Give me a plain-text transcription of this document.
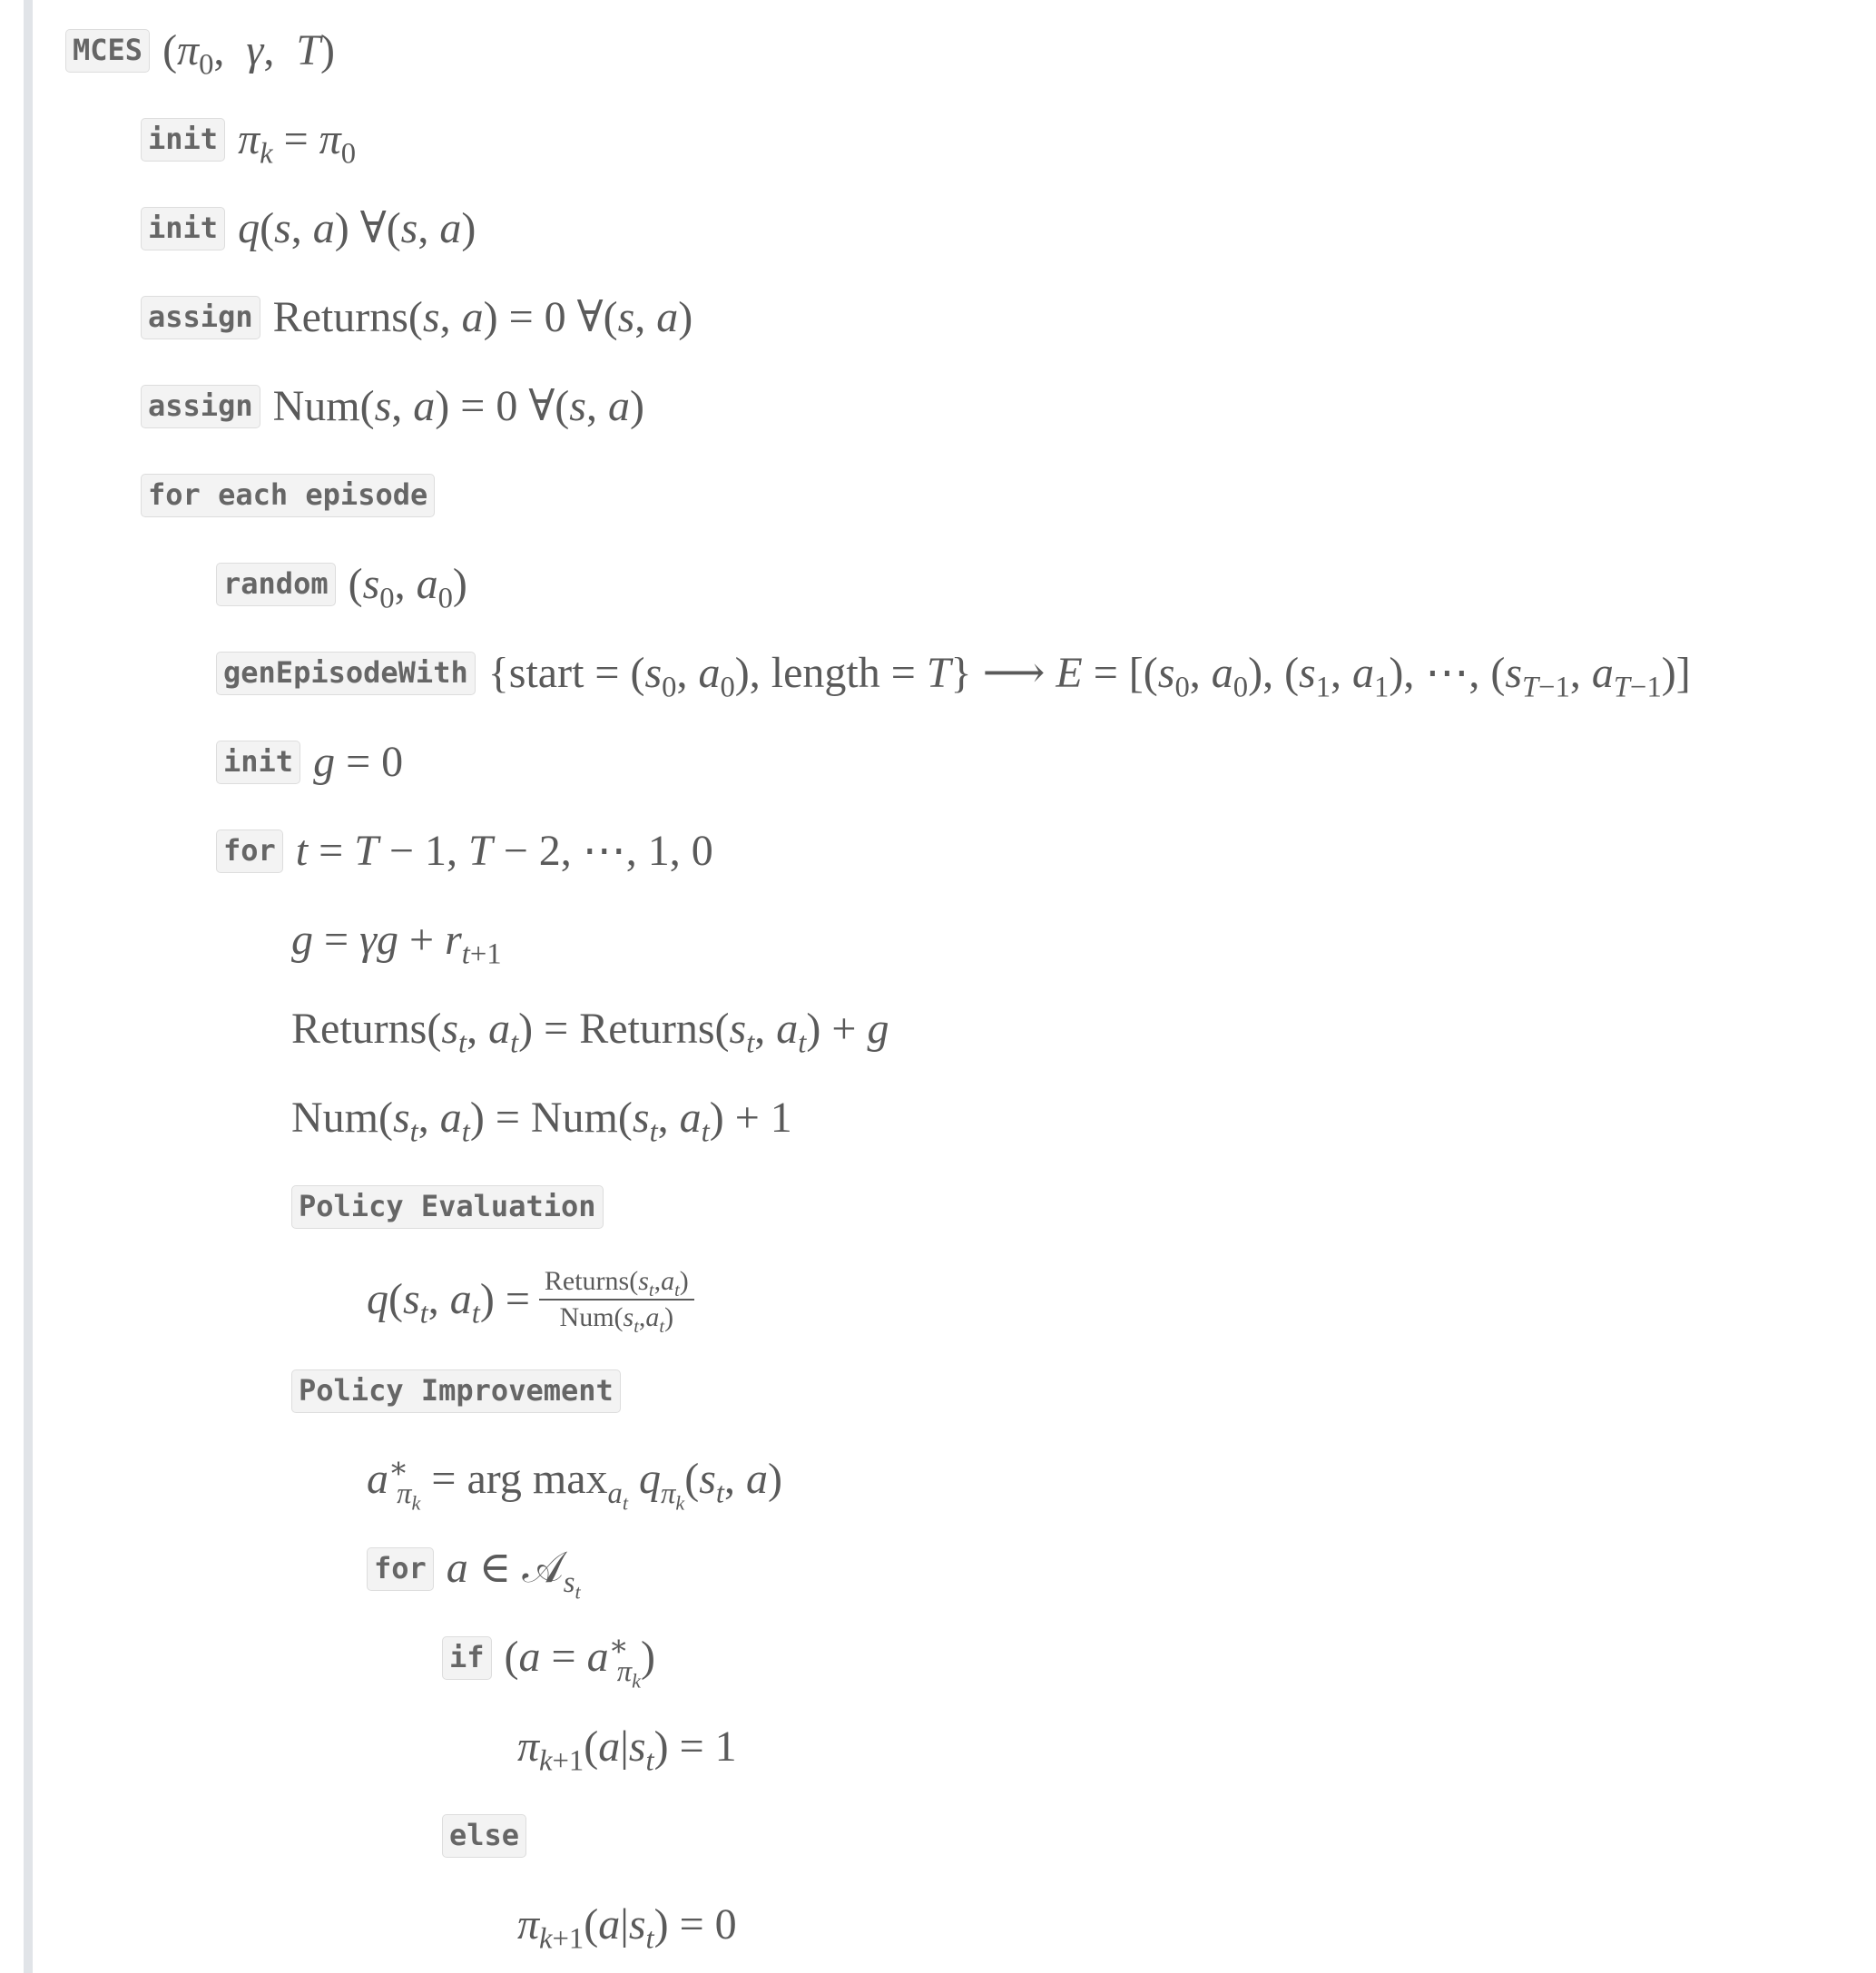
MCES ($\pi_0$,  γ,  T)
init $\pi_k = \pi_0$
init q(s, a) ∀(s, a)
assign Returns(s, a) = 0 ∀(s, a)
assign Num(s, a) = 0 ∀(s, a)
for each episode
random ($s_0$, $a_0$)
genEpisodeWith {start = ($s_0$, $a_0$), length = T} ⟶ $E = [(s_0$, $a_0$), ($s_1$, $a_1$), ⋯, ($s_{T-1}$, $a_{T-1}$)]
init g = 0
for t = T − 1, T − 2, ⋯, 1, 0
$g = \gamma g + r_{t+1}$
$Returns(s_t$, $a_t$) = $Returns(s_t$, $a_t) + g$
$Num(s_t$, $a_t) = Num(s_t$, $a_t) + 1$
Policy Evaluation
$q(s_t$, $a_t) = \frac{Returns(s_t,a_t)}{Num(s_t,a_t)}$
Policy Improvement
$a^∗_{\pi_k}$ = arg $\max_{a_t} q_{\pi_k}(s_t$, a)
for a ∈ 𝒜$_{s_t}$
if $(a = a^∗_{\pi_k})$
$\pi_{k+1}(a|s_t) = 1$
else
$\pi_{k+1}(a|s_t) = 0$
